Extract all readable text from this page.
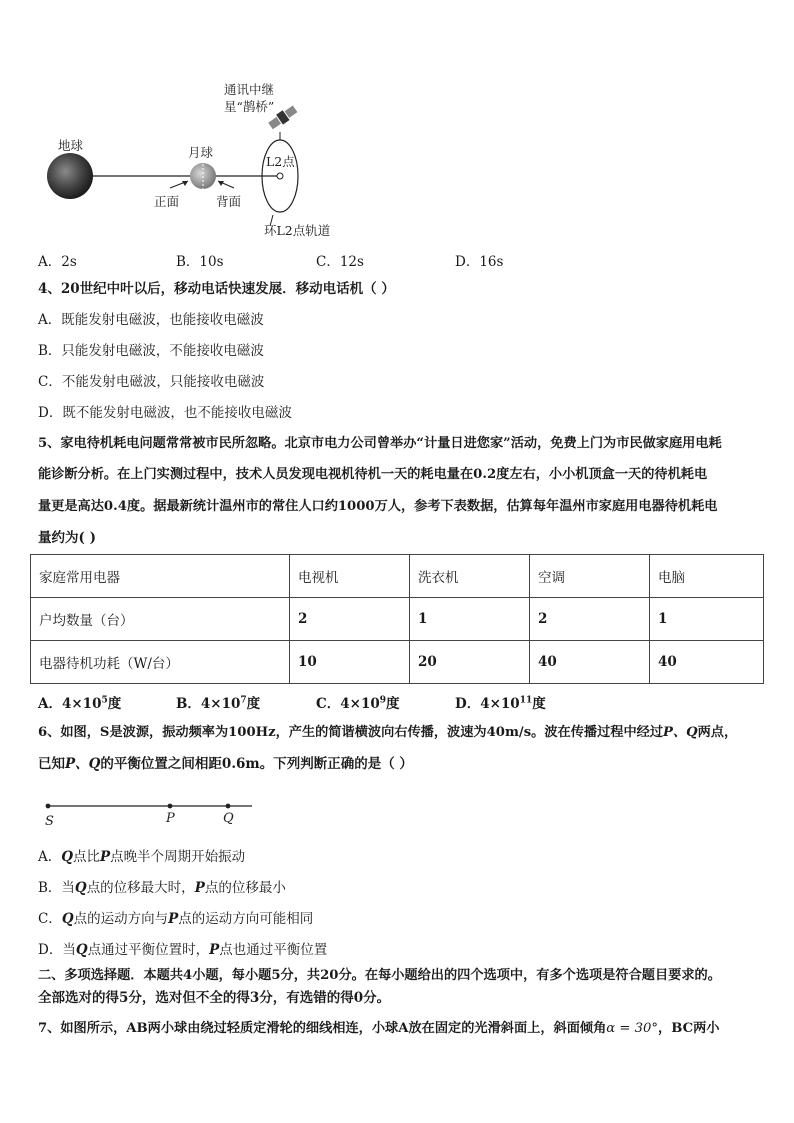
通讯中继
星“鹊桥”
地球	月球
L2点
正面	背面
环L2点轨道
A．2s	B．10s	C．12s	D．16s
4、20世纪中叶以后，移动电话快速发展．移动电话机（ ）
A．既能发射电磁波，也能接收电磁波
B．只能发射电磁波，不能接收电磁波
C．不能发射电磁波，只能接收电磁波
D．既不能发射电磁波，也不能接收电磁波
5、家电待机耗电问题常常被市民所忽略。北京市电力公司曾举办“计量日进您家”活动，免费上门为市民做家庭用电耗
能诊断分析。在上门实测过程中，技术人员发现电视机待机一天的耗电量在0.2度左右，小小机顶盒一天的待机耗电
量更是高达0.4度。据最新统计温州市的常住人口约1000万人，参考下表数据，估算每年温州市家庭用电器待机耗电
量约为( )
家庭常用电器	电视机	洗衣机	空调	电脑
户均数量（台）	2	1	2	1
电器待机功耗（W/台）	10	20	40	40
A．$4\times 10^5$度	B．$4\times 10^7$度	C．$4\times 10^9$度	D．$4\times 10^{11}$度
6、如图，S是波源，振动频率为100Hz，产生的简谐横波向右传播，波速为40m/s。波在传播过程中经过P、Q两点，
已知P、Q的平衡位置之间相距0.6m。下列判断正确的是（ ）
S	P	Q
A．Q点比P点晚半个周期开始振动
B．当Q点的位移最大时，P点的位移最小
C．Q点的运动方向与P点的运动方向可能相同
D．当Q点通过平衡位置时，P点也通过平衡位置
二、多项选择题．本题共4小题，每小题5分，共20分。在每小题给出的四个选项中，有多个选项是符合题目要求的。
全部选对的得5分，选对但不全的得3分，有选错的得0分。
7、如图所示，AB两小球由绕过轻质定滑轮的细线相连，小球A放在固定的光滑斜面上，斜面倾角α = 30°，BC两小
